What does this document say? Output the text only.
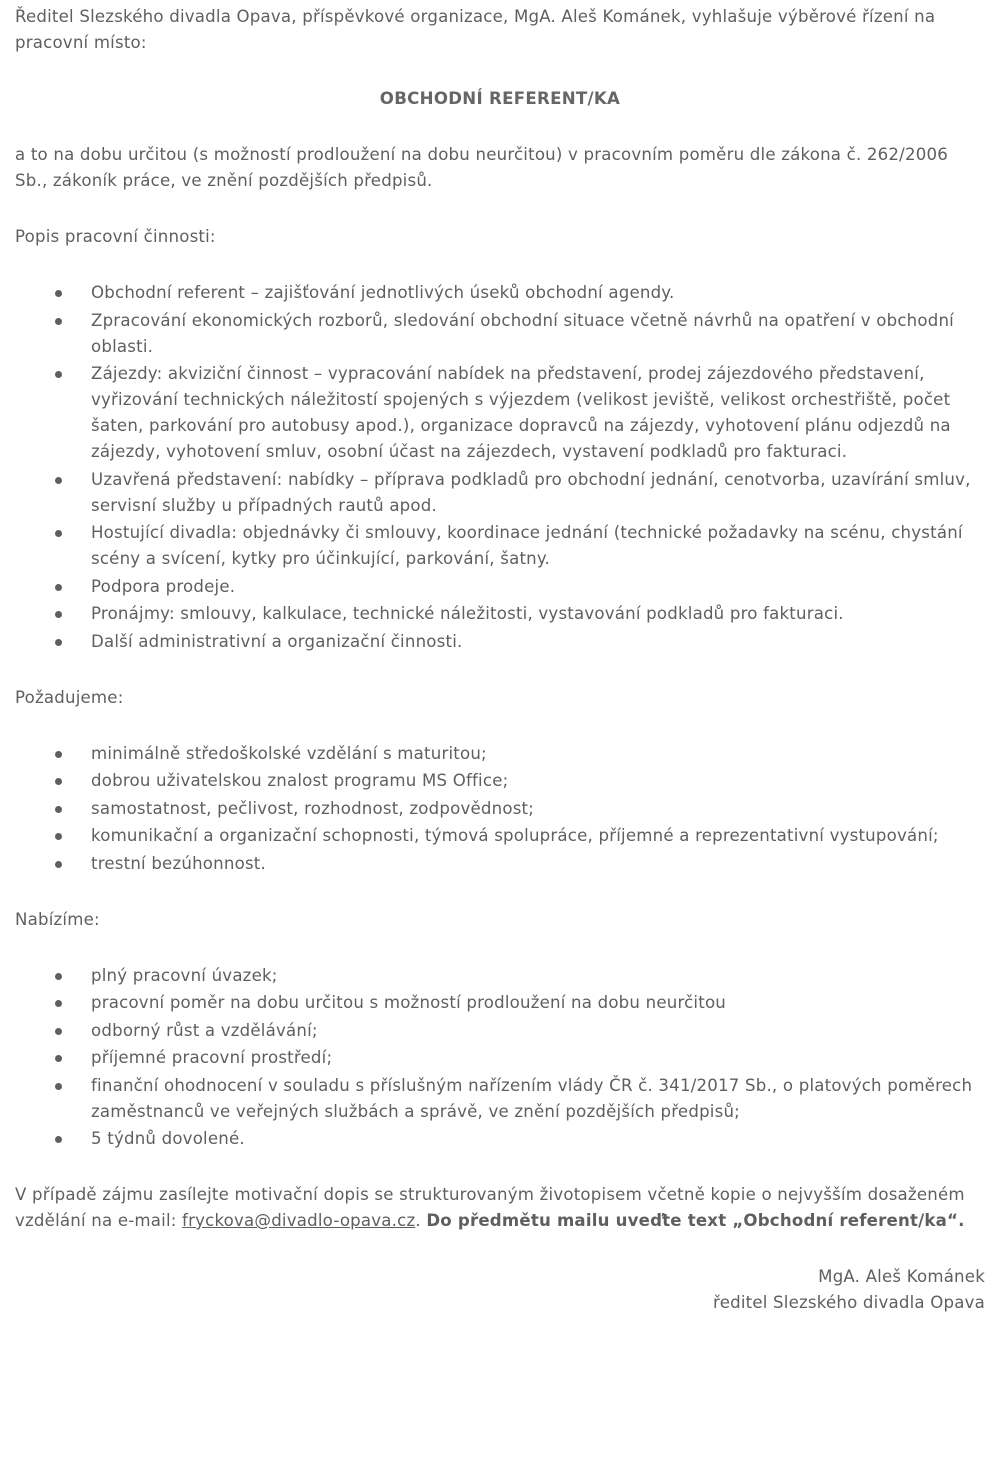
Ředitel Slezského divadla Opava, příspěvkové organizace, MgA. Aleš Kománek, vyhlašuje výběrové řízení na pracovní místo:

OBCHODNÍ REFERENT/KA

a to na dobu určitou (s možností prodloužení na dobu neurčitou) v pracovním poměru dle zákona č. 262/2006 Sb., zákoník práce, ve znění pozdějších předpisů.

Popis pracovní činnosti:

Obchodní referent – zajišťování jednotlivých úseků obchodní agendy.
Zpracování ekonomických rozborů, sledování obchodní situace včetně návrhů na opatření v obchodní oblasti.
Zájezdy: akviziční činnost – vypracování nabídek na představení, prodej zájezdového představení, vyřizování technických náležitostí spojených s výjezdem (velikost jeviště, velikost orchestřiště, počet šaten, parkování pro autobusy apod.), organizace dopravců na zájezdy, vyhotovení plánu odjezdů na zájezdy, vyhotovení smluv, osobní účast na zájezdech, vystavení podkladů pro fakturaci.
Uzavřená představení: nabídky – příprava podkladů pro obchodní jednání, cenotvorba, uzavírání smluv, servisní služby u případných rautů apod.
Hostující divadla: objednávky či smlouvy, koordinace jednání (technické požadavky na scénu, chystání scény a svícení, kytky pro účinkující, parkování, šatny.
Podpora prodeje.
Pronájmy: smlouvy, kalkulace, technické náležitosti, vystavování podkladů pro fakturaci.
Další administrativní a organizační činnosti.

Požadujeme:

minimálně středoškolské vzdělání s maturitou;
dobrou uživatelskou znalost programu MS Office;
samostatnost, pečlivost, rozhodnost, zodpovědnost;
komunikační a organizační schopnosti, týmová spolupráce, příjemné a reprezentativní vystupování;
trestní bezúhonnost.

Nabízíme:

plný pracovní úvazek;
pracovní poměr na dobu určitou s možností prodloužení na dobu neurčitou
odborný růst a vzdělávání;
příjemné pracovní prostředí;
finanční ohodnocení v souladu s příslušným nařízením vlády ČR č. 341/2017 Sb., o platových poměrech zaměstnanců ve veřejných službách a správě, ve znění pozdějších předpisů;
5 týdnů dovolené.

V případě zájmu zasílejte motivační dopis se strukturovaným životopisem včetně kopie o nejvyšším dosaženém vzdělání na e-mail: fryckova@divadlo-opava.cz. Do předmětu mailu uveďte text „Obchodní referent/ka“.

MgA. Aleš Kománek

ředitel Slezského divadla Opava
